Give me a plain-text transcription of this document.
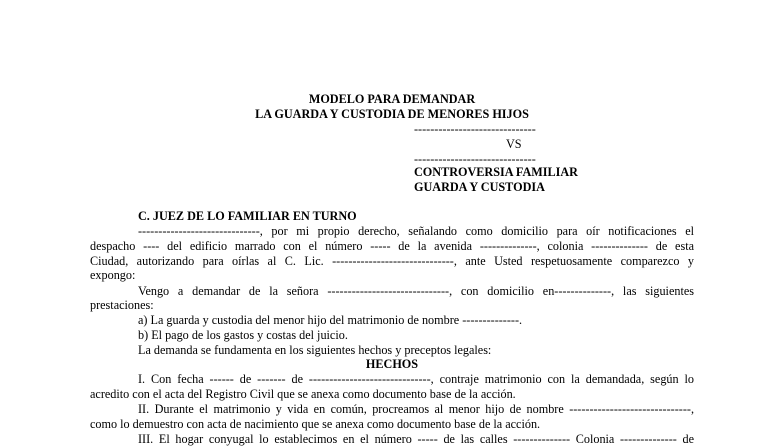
MODELO PARA DEMANDAR
LA GUARDA Y CUSTODIA DE MENORES HIJOS
------------------------------
VS
------------------------------
CONTROVERSIA FAMILIAR
GUARDA Y CUSTODIA
C. JUEZ DE LO FAMILIAR EN TURNO
------------------------------, por mi propio derecho, señalando como domicilio para oír notificaciones el
despacho ---- del edificio marrado con el número ----- de la avenida --------------, colonia -------------- de esta
Ciudad, autorizando para oírlas al C. Lic. ------------------------------, ante Usted respetuosamente comparezco y
expongo:
Vengo a demandar de la señora ------------------------------, con domicilio en--------------, las siguientes
prestaciones:
a) La guarda y custodia del menor hijo del matrimonio de nombre --------------.
b) El pago de los gastos y costas del juicio.
La demanda se fundamenta en los siguientes hechos y preceptos legales:
HECHOS
I. Con fecha ------ de ------- de ------------------------------, contraje matrimonio con la demandada, según lo
acredito con el acta del Registro Civil que se anexa como documento base de la acción.
II. Durante el matrimonio y vida en común, procreamos al menor hijo de nombre ------------------------------,
como lo demuestro con acta de nacimiento que se anexa como documento base de la acción.
III. El hogar conyugal lo establecimos en el número ----- de las calles -------------- Colonia -------------- de
